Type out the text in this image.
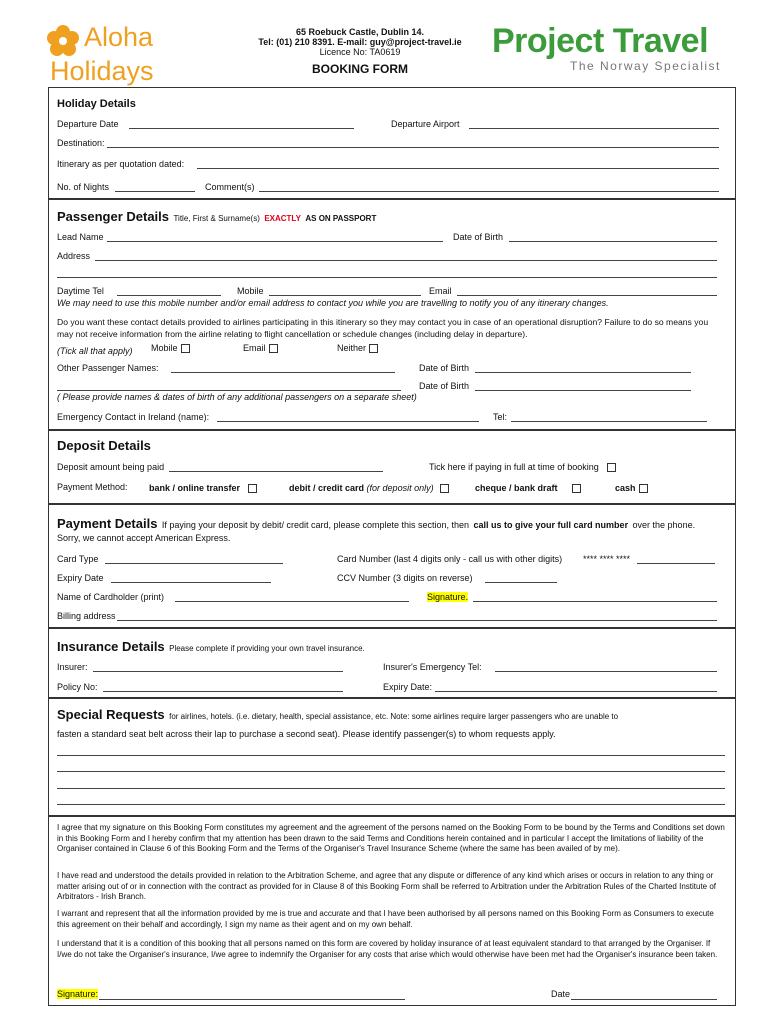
Aloha
Holidays
65 Roebuck Castle, Dublin 14.
Tel: (01) 210 8391. E-mail: guy@project-travel.ie
Licence No: TA0619
BOOKING FORM
Project Travel
The Norway Specialist
Holiday Details
Departure Date	Departure Airport
Destination:
Itinerary as per quotation dated:
No. of Nights	Comment(s)
Passenger Details Title, First & Surname(s) EXACTLY AS ON PASSPORT
Lead Name	Date of Birth
Address
Daytime Tel	Mobile	Email
We may need to use this mobile number and/or email address to contact you while you are travelling to notify you of any itinerary changes.
Do you want these contact details provided to airlines participating in this itinerary so they may contact you in case of an operational disruption? Failure to do so means you may not receive information from the airline relating to flight cancellation or schedule changes (including delay in departure).
(Tick all that apply) Mobile	Email	Neither
Other Passenger Names:	Date of Birth
Date of Birth
( Please provide names & dates of birth of any additional passengers on a separate sheet)
Emergency Contact in Ireland (name):	Tel:
Deposit Details
Deposit amount being paid	Tick here if paying in full at time of booking
Payment Method: bank / online transfer	debit / credit card (for deposit only)	cheque / bank draft	cash
Payment Details If paying your deposit by debit/ credit card, please complete this section, then call us to give your full card number over the phone.
Sorry, we cannot accept American Express.
Card Type	Card Number (last 4 digits only - call us with other digits) **** **** ****
Expiry Date	CCV Number (3 digits on reverse)
Name of Cardholder (print)	Signature.
Billing address
Insurance Details Please complete if providing your own travel insurance.
Insurer:	Insurer's Emergency Tel:
Policy No:	Expiry Date:
Special Requests for airlines, hotels. (i.e. dietary, health, special assistance, etc. Note: some airlines require larger passengers who are unable to
fasten a standard seat belt across their lap to purchase a second seat). Please identify passenger(s) to whom requests apply.
I agree that my signature on this Booking Form constitutes my agreement and the agreement of the persons named on the Booking Form to be bound by the Terms and Conditions set down in this Booking Form and I hereby confirm that my attention has been drawn to the said Terms and Conditions herein contained and in particular I accept the limitations of liability of the Organiser contained in Clause 6 of this Booking Form and the Terms of the Organiser's Travel Insurance Scheme (where the same has been availed of by me).
I have read and understood the details provided in relation to the Arbitration Scheme, and agree that any dispute or difference of any kind which arises or occurs in relation to any thing or matter arising out of or in connection with the contract as provided for in Clause 8 of this Booking Form shall be referred to Arbitration under the Arbitration Rules of the Charted Institute of Arbitrators - Irish Branch.
I warrant and represent that all the information provided by me is true and accurate and that I have been authorised by all persons named on this Booking Form as Consumers to execute this agreement on their behalf and accordingly, I sign my name as their agent and on my own behalf.
I understand that it is a condition of this booking that all persons named on this form are covered by holiday insurance of at least equivalent standard to that arranged by the Organiser. If I/we do not take the Organiser's insurance, I/we agree to indemnify the Organiser for any costs that arise which would otherwise have been met had the Organiser's insurance been taken.
Signature:	Date
